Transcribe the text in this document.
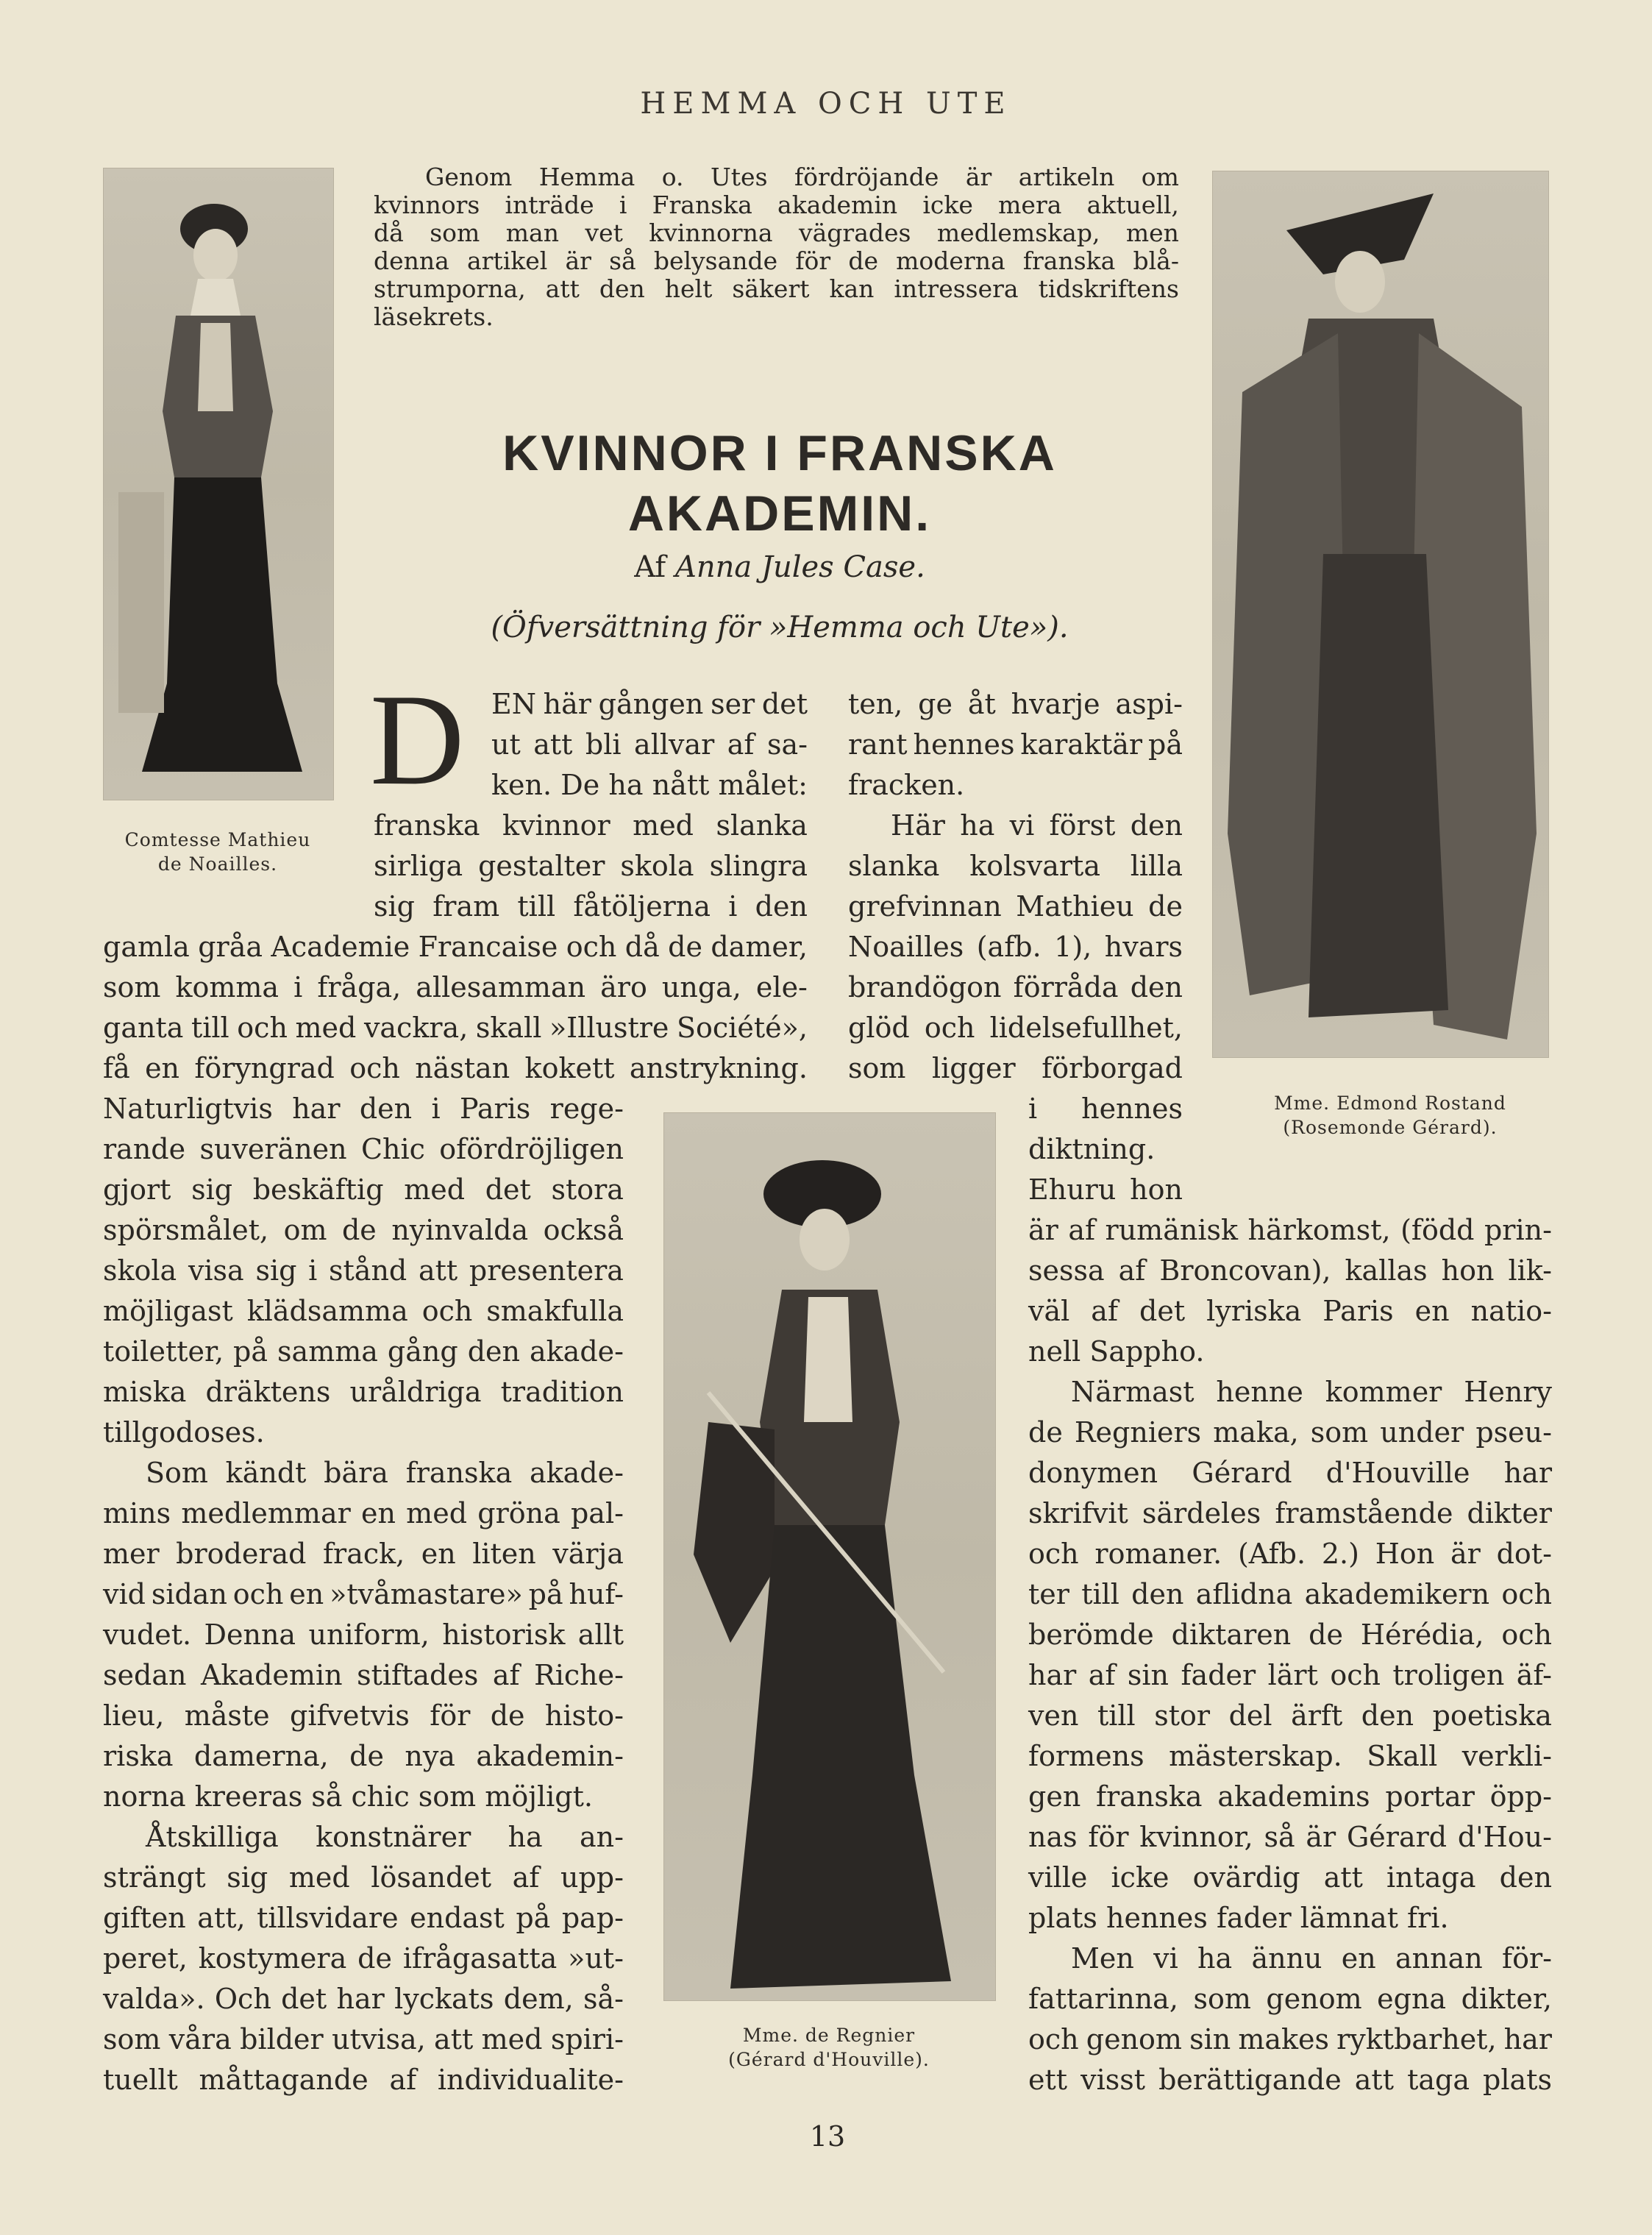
HEMMA OCH UTE
Comtesse Mathieu
de Noailles.
Mme. Edmond Rostand
(Rosemonde Gérard).
Mme. de Regnier
(Gérard d'Houville).
Genom Hemma o. Utes fördröjande är artikeln om
kvinnors inträde i Franska akademin icke mera aktuell,
då som man vet kvinnorna vägrades medlemskap, men
denna artikel är så belysande för de moderna franska blå-
strumporna, att den helt säkert kan intressera tidskriftens
läsekrets.
KVINNOR I FRANSKA
AKADEMIN.
Af Anna Jules Case.
(Öfversättning för »Hemma och Ute»).
D EN här gången ser det
ut att bli allvar af sa-
ken. De ha nått målet:
franska kvinnor med slanka
sirliga gestalter skola slingra
sig fram till fåtöljerna i den
gamla gråa Academie Francaise och då de damer,
som komma i fråga, allesamman äro unga, ele-
ganta till och med vackra, skall »Illustre Société»,
få en föryngrad och nästan kokett anstrykning.
Naturligtvis har den i Paris rege-
rande suveränen Chic ofördröjligen
gjort sig beskäftig med det stora
spörsmålet, om de nyinvalda också
skola visa sig i stånd att presentera
möjligast klädsamma och smakfulla
toiletter, på samma gång den akade-
miska dräktens uråldriga tradition
tillgodoses.
Som kändt bära franska akade-
mins medlemmar en med gröna pal-
mer broderad frack, en liten värja
vid sidan och en »tvåmastare» på huf-
vudet. Denna uniform, historisk allt
sedan Akademin stiftades af Riche-
lieu, måste gifvetvis för de histo-
riska damerna, de nya akademin-
norna kreeras så chic som möjligt.
Åtskilliga konstnärer ha an-
strängt sig med lösandet af upp-
giften att, tillsvidare endast på pap-
peret, kostymera de ifrågasatta »ut-
valda». Och det har lyckats dem, så-
som våra bilder utvisa, att med spiri-
tuellt måttagande af individualite-
ten, ge åt hvarje aspi-
rant hennes karaktär på
fracken.
Här ha vi först den
slanka kolsvarta lilla
grefvinnan Mathieu de
Noailles (afb. 1), hvars
brandögon förråda den
glöd och lidelsefullhet,
som ligger förborgad
i hennes
diktning.
Ehuru hon
är af rumänisk härkomst, (född prin-
sessa af Broncovan), kallas hon lik-
väl af det lyriska Paris en natio-
nell Sappho.
Närmast henne kommer Henry
de Regniers maka, som under pseu-
donymen Gérard d'Houville har
skrifvit särdeles framstående dikter
och romaner. (Afb. 2.) Hon är dot-
ter till den aflidna akademikern och
berömde diktaren de Hérédia, och
har af sin fader lärt och troligen äf-
ven till stor del ärft den poetiska
formens mästerskap. Skall verkli-
gen franska akademins portar öpp-
nas för kvinnor, så är Gérard d'Hou-
ville icke ovärdig att intaga den
plats hennes fader lämnat fri.
Men vi ha ännu en annan för-
fattarinna, som genom egna dikter,
och genom sin makes ryktbarhet, har
ett visst berättigande att taga plats
13
